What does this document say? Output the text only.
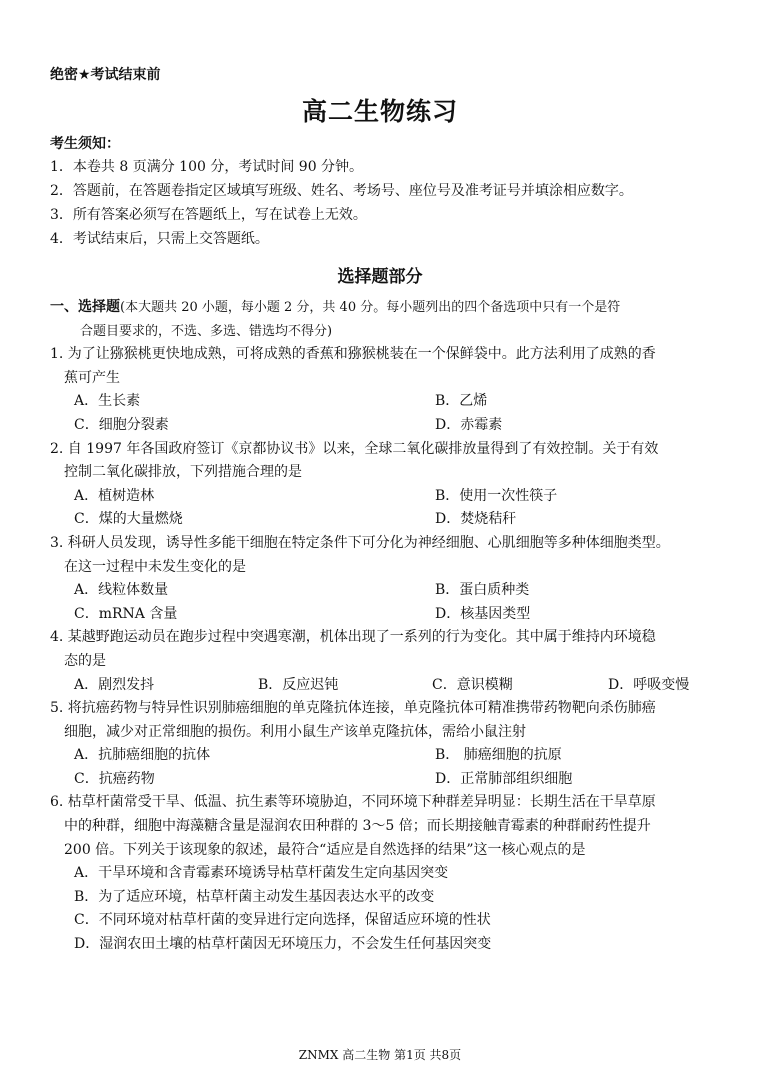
绝密★考试结束前
高二生物练习
考生须知：
1．本卷共 8 页满分 100 分，考试时间 90 分钟。
2．答题前，在答题卷指定区域填写班级、姓名、考场号、座位号及准考证号并填涂相应数字。
3．所有答案必须写在答题纸上，写在试卷上无效。
4．考试结束后，只需上交答题纸。
选择题部分
一、选择题(本大题共 20 小题，每小题 2 分，共 40 分。每小题列出的四个备选项中只有一个是符
合题目要求的，不选、多选、错选均不得分)
1. 为了让猕猴桃更快地成熟，可将成熟的香蕉和猕猴桃装在一个保鲜袋中。此方法利用了成熟的香
蕉可产生
A．生长素	B．乙烯
C．细胞分裂素	D．赤霉素
2. 自 1997 年各国政府签订《京都协议书》以来，全球二氧化碳排放量得到了有效控制。关于有效
控制二氧化碳排放，下列措施合理的是
A．植树造林	B．使用一次性筷子
C．煤的大量燃烧	D．焚烧秸秆
3. 科研人员发现，诱导性多能干细胞在特定条件下可分化为神经细胞、心肌细胞等多种体细胞类型。
在这一过程中未发生变化的是
A．线粒体数量	B．蛋白质种类
C．mRNA 含量	D．核基因类型
4. 某越野跑运动员在跑步过程中突遇寒潮，机体出现了一系列的行为变化。其中属于维持内环境稳
态的是
A．剧烈发抖	B．反应迟钝	C．意识模糊	D．呼吸变慢
5. 将抗癌药物与特异性识别肺癌细胞的单克隆抗体连接，单克隆抗体可精准携带药物靶向杀伤肺癌
细胞，减少对正常细胞的损伤。利用小鼠生产该单克隆抗体，需给小鼠注射
A．抗肺癌细胞的抗体	B． 肺癌细胞的抗原
C．抗癌药物	D．正常肺部组织细胞
6. 枯草杆菌常受干旱、低温、抗生素等环境胁迫，不同环境下种群差异明显：长期生活在干旱草原
中的种群，细胞中海藻糖含量是湿润农田种群的 3～5 倍；而长期接触青霉素的种群耐药性提升
200 倍。下列关于该现象的叙述，最符合“适应是自然选择的结果”这一核心观点的是
A．干旱环境和含青霉素环境诱导枯草杆菌发生定向基因突变
B．为了适应环境，枯草杆菌主动发生基因表达水平的改变
C．不同环境对枯草杆菌的变异进行定向选择，保留适应环境的性状
D．湿润农田土壤的枯草杆菌因无环境压力，不会发生任何基因突变
ZNMX 高二生物 第1页 共8页
